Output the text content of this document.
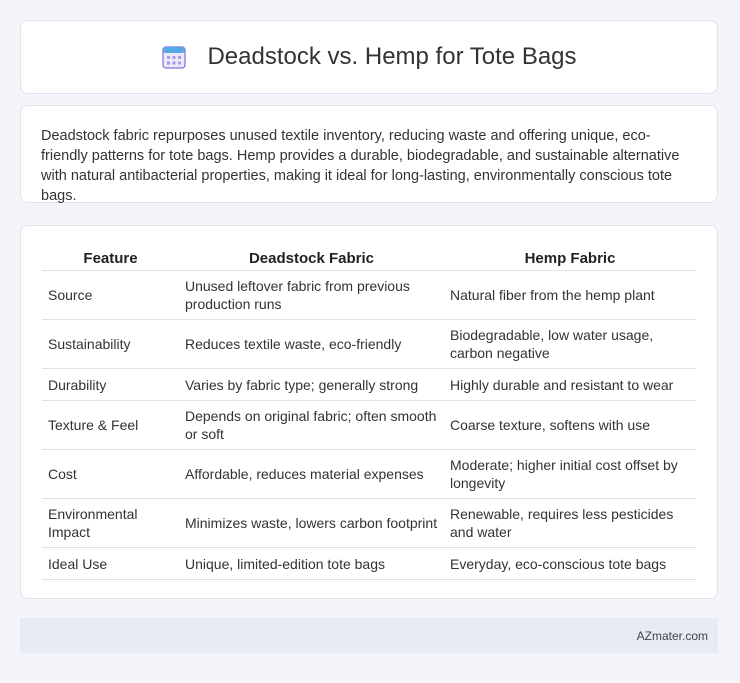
Deadstock vs. Hemp for Tote Bags

Deadstock fabric repurposes unused textile inventory, reducing waste and offering unique, eco-friendly patterns for tote bags. Hemp provides a durable, biodegradable, and sustainable alternative with natural antibacterial properties, making it ideal for long-lasting, environmentally conscious tote bags.

Feature	Deadstock Fabric	Hemp Fabric
Source	Unused leftover fabric from previous production runs	Natural fiber from the hemp plant
Sustainability	Reduces textile waste, eco-friendly	Biodegradable, low water usage, carbon negative
Durability	Varies by fabric type; generally strong	Highly durable and resistant to wear
Texture & Feel	Depends on original fabric; often smooth or soft	Coarse texture, softens with use
Cost	Affordable, reduces material expenses	Moderate; higher initial cost offset by longevity
Environmental Impact	Minimizes waste, lowers carbon footprint	Renewable, requires less pesticides and water
Ideal Use	Unique, limited-edition tote bags	Everyday, eco-conscious tote bags
AZmater.com
